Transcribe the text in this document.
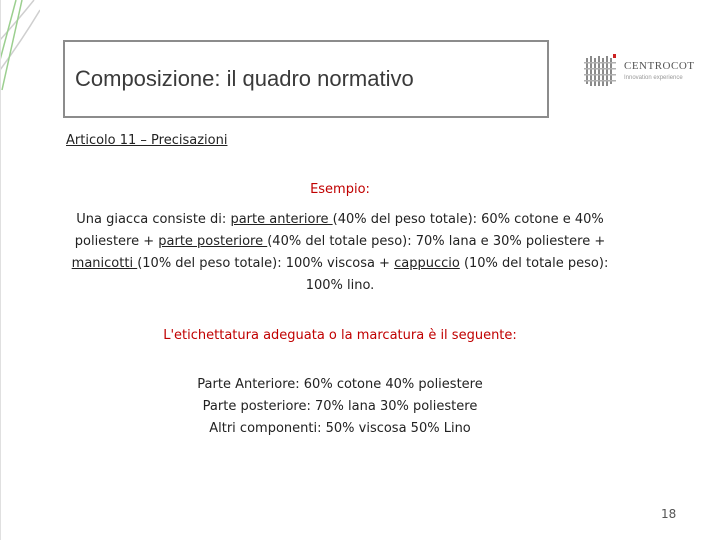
Composizione: il quadro normativo	CENTROCOT
Innovation experience
Articolo 11 – Precisazioni
Esempio:
Una giacca consiste di: parte anteriore (40% del peso totale): 60% cotone e 40% poliestere + parte posteriore (40% del totale peso): 70% lana e 30% poliestere + manicotti (10% del peso totale): 100% viscosa + cappuccio (10% del totale peso): 100% lino.
L'etichettatura adeguata o la marcatura è il seguente:
Parte Anteriore: 60% cotone 40% poliestere
Parte posteriore: 70% lana 30% poliestere
Altri componenti: 50% viscosa 50% Lino
18
